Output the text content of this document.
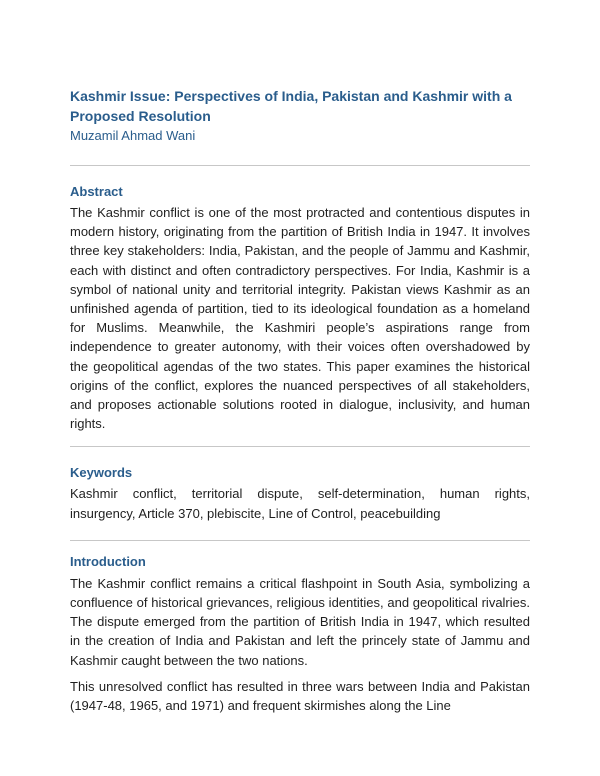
Kashmir Issue: Perspectives of India, Pakistan and Kashmir with a Proposed Resolution
Muzamil Ahmad Wani
Abstract

The Kashmir conflict is one of the most protracted and contentious disputes in modern history, originating from the partition of British India in 1947. It involves three key stakeholders: India, Pakistan, and the people of Jammu and Kashmir, each with distinct and often contradictory perspectives. For India, Kashmir is a symbol of national unity and territorial integrity. Pakistan views Kashmir as an unfinished agenda of partition, tied to its ideological foundation as a homeland for Muslims. Meanwhile, the Kashmiri people’s aspirations range from independence to greater autonomy, with their voices often overshadowed by the geopolitical agendas of the two states. This paper examines the historical origins of the conflict, explores the nuanced perspectives of all stakeholders, and proposes actionable solutions rooted in dialogue, inclusivity, and human rights.

Keywords

Kashmir conflict, territorial dispute, self-determination, human rights, insurgency, Article 370, plebiscite, Line of Control, peacebuilding

Introduction

The Kashmir conflict remains a critical flashpoint in South Asia, symbolizing a confluence of historical grievances, religious identities, and geopolitical rivalries. The dispute emerged from the partition of British India in 1947, which resulted in the creation of India and Pakistan and left the princely state of Jammu and Kashmir caught between the two nations.

This unresolved conflict has resulted in three wars between India and Pakistan (1947-48, 1965, and 1971) and frequent skirmishes along the Line
